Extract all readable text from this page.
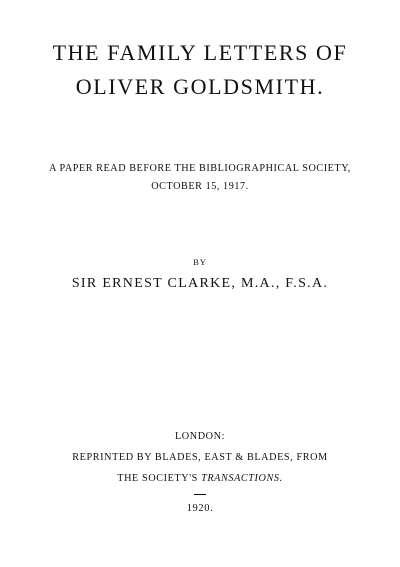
THE FAMILY LETTERS OF
OLIVER GOLDSMITH.
A PAPER READ BEFORE THE BIBLIOGRAPHICAL SOCIETY,
OCTOBER 15, 1917.
BY
SIR ERNEST CLARKE, M.A., F.S.A.
LONDON:
REPRINTED BY BLADES, EAST & BLADES, FROM
THE SOCIETY'S TRANSACTIONS.
1920.
